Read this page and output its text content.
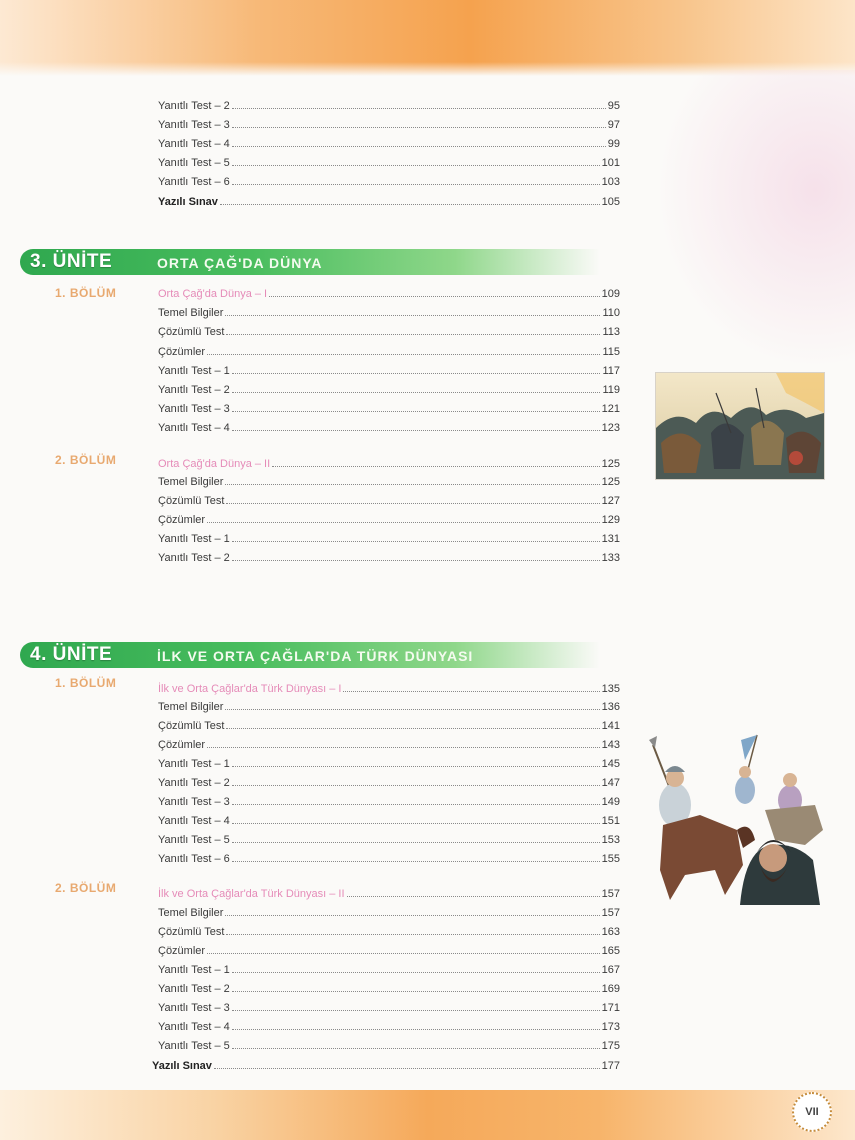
Yanıtlı Test – 2	95
Yanıtlı Test – 3	97
Yanıtlı Test – 4	99
Yanıtlı Test – 5	101
Yanıtlı Test – 6	103
Yazılı Sınav	105
3. ÜNİTE	ORTA ÇAĞ'DA DÜNYA
1. BÖLÜM	Orta Çağ'da Dünya – I	109
Temel Bilgiler	110
Çözümlü Test	113
Çözümler	115
Yanıtlı Test – 1	117
Yanıtlı Test – 2	119
Yanıtlı Test – 3	121
Yanıtlı Test – 4	123
2. BÖLÜM	Orta Çağ'da Dünya – II	125
Temel Bilgiler	125
Çözümlü Test	127
Çözümler	129
Yanıtlı Test – 1	131
Yanıtlı Test – 2	133
4. ÜNİTE	İLK VE ORTA ÇAĞLAR'DA TÜRK DÜNYASI
1. BÖLÜM	İlk ve Orta Çağlar'da Türk Dünyası – I	135
Temel Bilgiler	136
Çözümlü Test	141
Çözümler	143
Yanıtlı Test – 1	145
Yanıtlı Test – 2	147
Yanıtlı Test – 3	149
Yanıtlı Test – 4	151
Yanıtlı Test – 5	153
Yanıtlı Test – 6	155
2. BÖLÜM	İlk ve Orta Çağlar'da Türk Dünyası – II	157
Temel Bilgiler	157
Çözümlü Test	163
Çözümler	165
Yanıtlı Test – 1	167
Yanıtlı Test – 2	169
Yanıtlı Test – 3	171
Yanıtlı Test – 4	173
Yanıtlı Test – 5	175
Yazılı Sınav	177
VII
